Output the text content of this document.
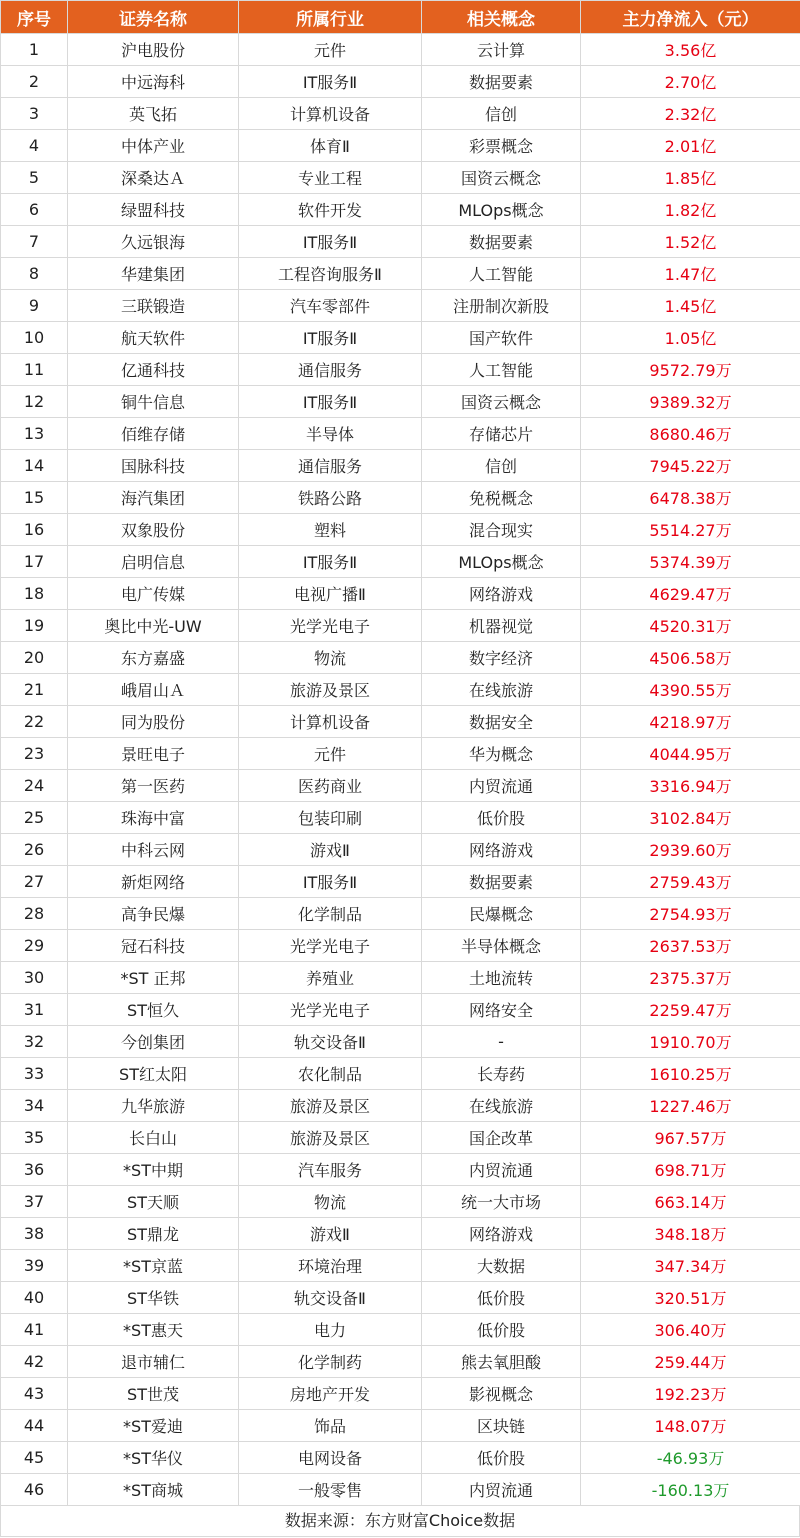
序号	证券名称	所属行业	相关概念	主力净流入（元）
1	沪电股份	元件	云计算	3.56亿
2	中远海科	IT服务Ⅱ	数据要素	2.70亿
3	英飞拓	计算机设备	信创	2.32亿
4	中体产业	体育Ⅱ	彩票概念	2.01亿
5	深桑达Ａ	专业工程	国资云概念	1.85亿
6	绿盟科技	软件开发	MLOps概念	1.82亿
7	久远银海	IT服务Ⅱ	数据要素	1.52亿
8	华建集团	工程咨询服务Ⅱ	人工智能	1.47亿
9	三联锻造	汽车零部件	注册制次新股	1.45亿
10	航天软件	IT服务Ⅱ	国产软件	1.05亿
11	亿通科技	通信服务	人工智能	9572.79万
12	铜牛信息	IT服务Ⅱ	国资云概念	9389.32万
13	佰维存储	半导体	存储芯片	8680.46万
14	国脉科技	通信服务	信创	7945.22万
15	海汽集团	铁路公路	免税概念	6478.38万
16	双象股份	塑料	混合现实	5514.27万
17	启明信息	IT服务Ⅱ	MLOps概念	5374.39万
18	电广传媒	电视广播Ⅱ	网络游戏	4629.47万
19	奥比中光-UW	光学光电子	机器视觉	4520.31万
20	东方嘉盛	物流	数字经济	4506.58万
21	峨眉山Ａ	旅游及景区	在线旅游	4390.55万
22	同为股份	计算机设备	数据安全	4218.97万
23	景旺电子	元件	华为概念	4044.95万
24	第一医药	医药商业	内贸流通	3316.94万
25	珠海中富	包装印刷	低价股	3102.84万
26	中科云网	游戏Ⅱ	网络游戏	2939.60万
27	新炬网络	IT服务Ⅱ	数据要素	2759.43万
28	高争民爆	化学制品	民爆概念	2754.93万
29	冠石科技	光学光电子	半导体概念	2637.53万
30	*ST 正邦	养殖业	土地流转	2375.37万
31	ST恒久	光学光电子	网络安全	2259.47万
32	今创集团	轨交设备Ⅱ	-	1910.70万
33	ST红太阳	农化制品	长寿药	1610.25万
34	九华旅游	旅游及景区	在线旅游	1227.46万
35	长白山	旅游及景区	国企改革	967.57万
36	*ST中期	汽车服务	内贸流通	698.71万
37	ST天顺	物流	统一大市场	663.14万
38	ST鼎龙	游戏Ⅱ	网络游戏	348.18万
39	*ST京蓝	环境治理	大数据	347.34万
40	ST华铁	轨交设备Ⅱ	低价股	320.51万
41	*ST惠天	电力	低价股	306.40万
42	退市辅仁	化学制药	熊去氧胆酸	259.44万
43	ST世茂	房地产开发	影视概念	192.23万
44	*ST爱迪	饰品	区块链	148.07万
45	*ST华仪	电网设备	低价股	-46.93万
46	*ST商城	一般零售	内贸流通	-160.13万
数据来源：东方财富Choice数据
